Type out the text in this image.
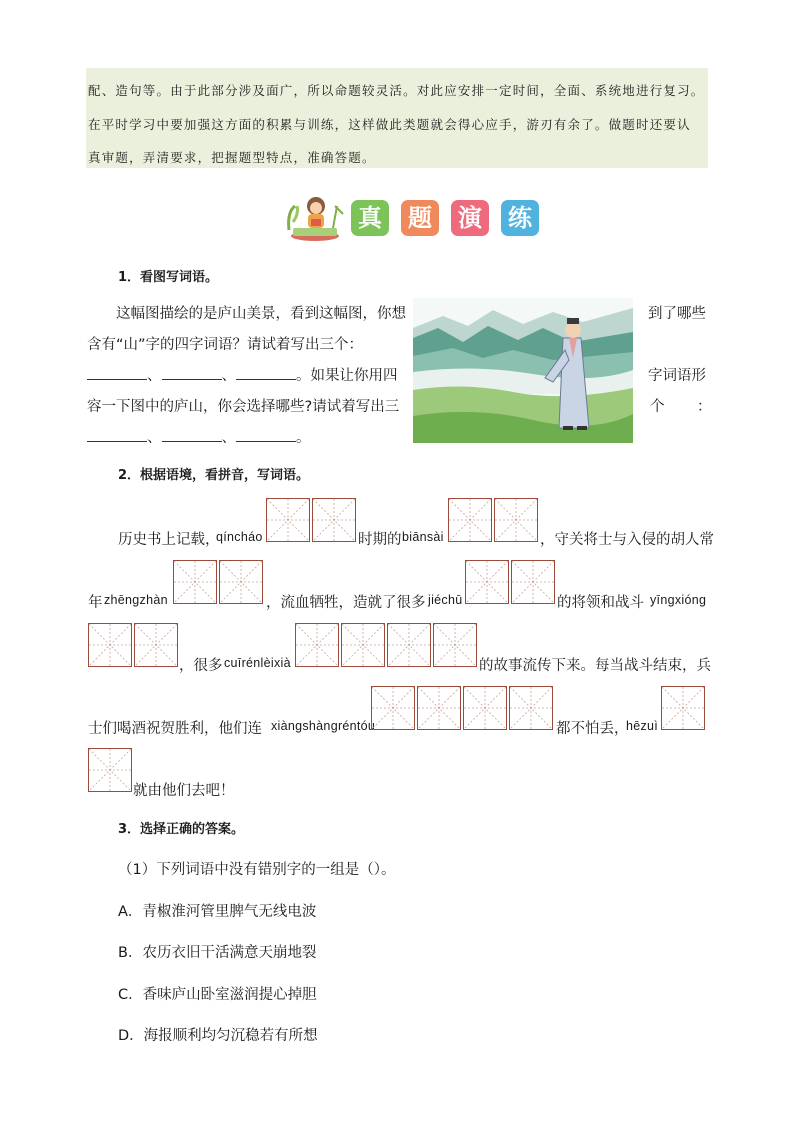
配、造句等。由于此部分涉及面广，所以命题较灵活。对此应安排一定时间，全面、系统地进行复习。
在平时学习中要加强这方面的积累与训练，这样做此类题就会得心应手，游刃有余了。做题时还要认
真审题，弄清要求，把握题型特点，准确答题。
真 题 演 练
1．看图写词语。
这幅图描绘的是庐山美景，看到这幅图，你想	到了哪些
含有“山”字的四字词语？请试着写出三个：
、	、	。如果让你用四	字词语形
容一下图中的庐山，你会选择哪些?请试着写出三	个 ：
、	、	。
2．根据语境，看拼音，写词语。
历史书上记载，
qíncháo	时期的 biānsài	，守关将士与入侵的胡人常
年 zhēngzhàn	，流血牺牲，造就了很多 jiéchū	的将领和战斗 yīngxióng
，很多 cuīrénlèixià	的故事流传下来。每当战斗结束，兵
士们喝酒祝贺胜利，他们连 xiàngshàngréntóu	都不怕丢，
hēzuì
就由他们去吧！
3．选择正确的答案。
（1）下列词语中没有错别字的一组是（）。
A．青椒淮河管里脾气无线电波
B．农历衣旧干活满意天崩地裂
C．香味庐山卧室滋润提心掉胆
D．海报顺利均匀沉稳若有所想
